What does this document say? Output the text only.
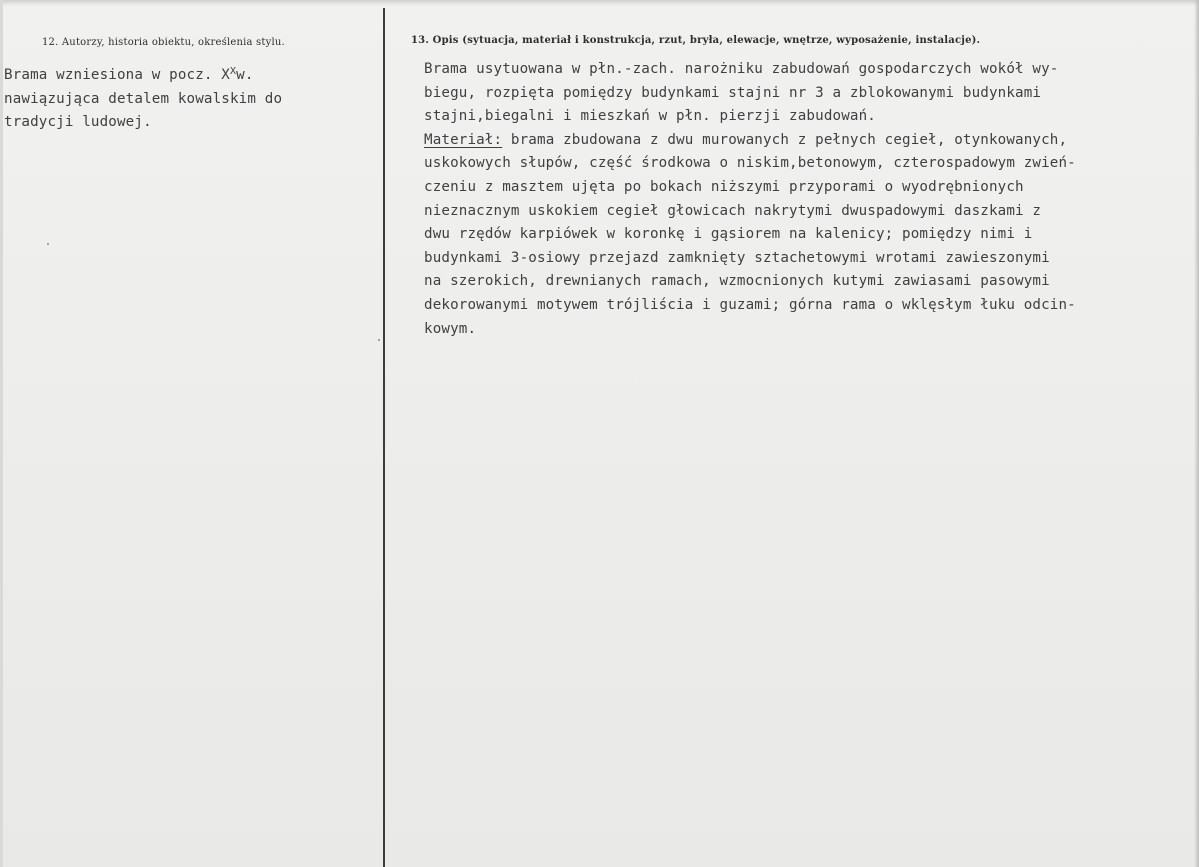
12. Autorzy, historia obiektu, określenia stylu.	13. Opis (sytuacja, materiał i konstrukcja, rzut, bryła, elewacje, wnętrze, wyposażenie, instalacje).
Brama wzniesiona w pocz. $X^Xw$.
nawiązująca detalem kowalskim do
tradycji ludowej.
Brama usytuowana w płn.-zach. narożniku zabudowań gospodarczych wokół wy-
biegu, rozpięta pomiędzy budynkami stajni nr 3 a zblokowanymi budynkami
stajni,biegalni i mieszkań w płn. pierzji zabudowań.
Materiał: brama zbudowana z dwu murowanych z pełnych cegieł, otynkowanych,
uskokowych słupów, część środkowa o niskim,betonowym, czterospadowym zwień-
czeniu z masztem ujęta po bokach niższymi przyporami o wyodrębnionych
nieznacznym uskokiem cegieł głowicach nakrytymi dwuspadowymi daszkami z
dwu rzędów karpiówek w koronkę i gąsiorem na kalenicy; pomiędzy nimi i
budynkami 3-osiowy przejazd zamknięty sztachetowymi wrotami zawieszonymi
na szerokich, drewnianych ramach, wzmocnionych kutymi zawiasami pasowymi
dekorowanymi motywem trójliścia i guzami; górna rama o wklęsłym łuku odcin-
kowym.
